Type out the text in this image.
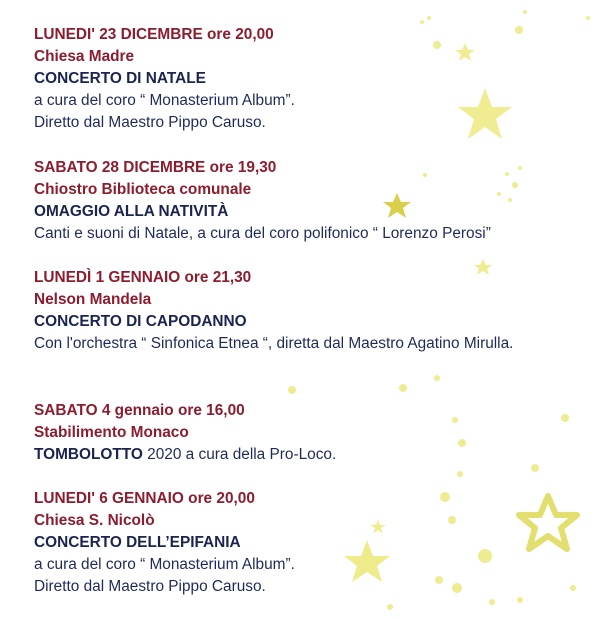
LUNEDI' 23 DICEMBRE ore 20,00
Chiesa Madre
CONCERTO DI NATALE
a cura del coro “ Monasterium Album”.
Diretto dal Maestro Pippo Caruso.
SABATO 28 DICEMBRE ore 19,30
Chiostro Biblioteca comunale
OMAGGIO ALLA NATIVITÀ
Canti e suoni di Natale, a cura del coro polifonico “ Lorenzo Perosi”
LUNEDÌ 1 GENNAIO ore 21,30
Nelson Mandela
CONCERTO DI CAPODANNO
Con l'orchestra “ Sinfonica Etnea “, diretta dal Maestro Agatino Mirulla.
SABATO 4 gennaio ore 16,00
Stabilimento Monaco
TOMBOLOTTO 2020 a cura della Pro-Loco.
LUNEDI' 6 GENNAIO ore 20,00
Chiesa S. Nicolò
CONCERTO DELL’EPIFANIA
a cura del coro “ Monasterium Album”.
Diretto dal Maestro Pippo Caruso.
